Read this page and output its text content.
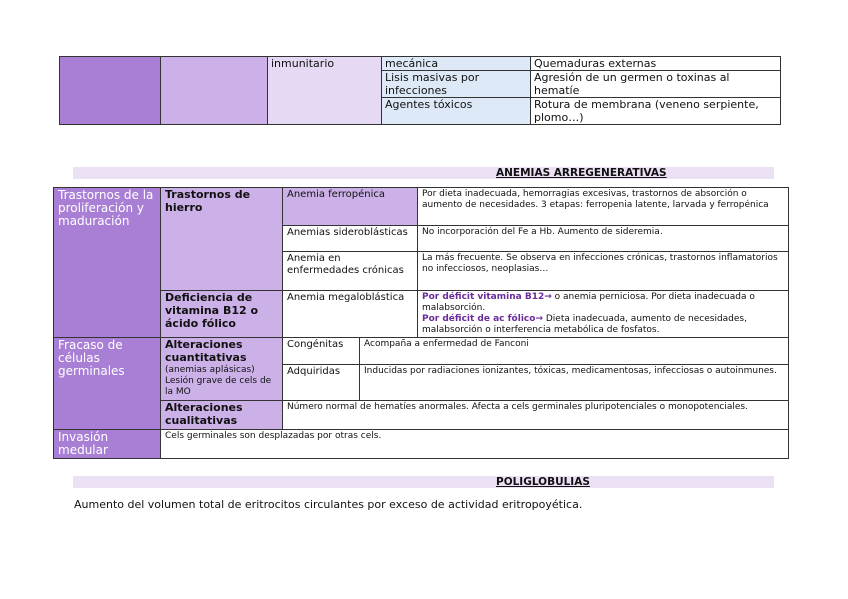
		inmunitario	mecánica	Quemaduras externas
			Lisis masivas por infecciones	Agresión de un germen o toxinas al hematíe
			Agentes tóxicos	Rotura de membrana (veneno serpiente, plomo…)
ANEMIAS ARREGENERATIVAS
Trastornos de la proliferación y maduración	Trastornos de hierro	Anemia ferropénica		Por dieta inadecuada, hemorragias excesivas, trastornos de absorción o aumento de necesidades. 3 etapas: ferropenia latente, larvada y ferropénica
		Anemias sideroblásticas		No incorporación del Fe a Hb. Aumento de sideremia.
		Anemia en enfermedades crónicas		La más frecuente. Se observa en infecciones crónicas, trastornos inflamatorios no infecciosos, neoplasias…
	Deficiencia de vitamina B12 o ácido fólico	Anemia megaloblástica		Por déficit vitamina B12→ o anemia perniciosa. Por dieta inadecuada o malabsorción.
Por déficit de ac fólico→ Dieta inadecuada, aumento de necesidades, malabsorción o interferencia metabólica de fosfatos.
Fracaso de células germinales	Alteraciones cuantitativas
(anemias aplásicas) Lesión grave de cels de la MO	Congénitas	Acompaña a enfermedad de Fanconi	
		Adquiridas	Inducidas por radiaciones ionizantes, tóxicas, medicamentosas, infecciosas o autoinmunes.	
	Alteraciones cualitativas	Número normal de hematíes anormales. Afecta a cels germinales pluripotenciales o monopotenciales.		
Invasión medular	Cels germinales son desplazadas por otras cels.			
POLIGLOBULIAS
Aumento del volumen total de eritrocitos circulantes por exceso de actividad eritropoyética.
